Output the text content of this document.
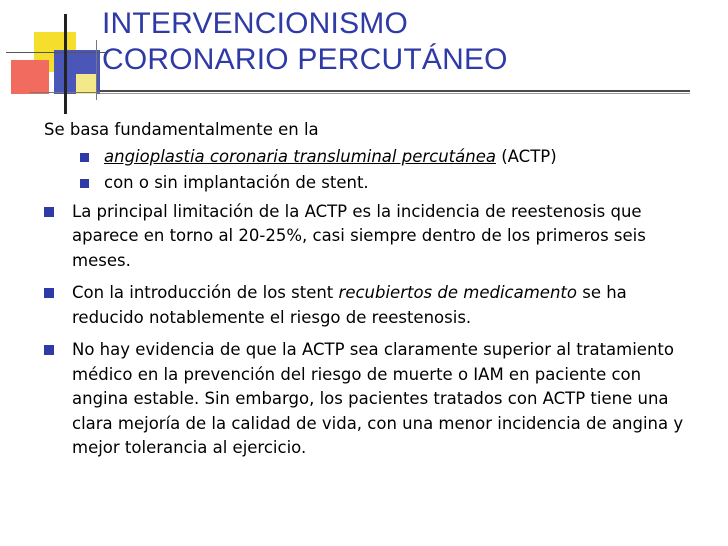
INTERVENCIONISMO
CORONARIO PERCUTÁNEO
Se basa fundamentalmente en la
angioplastia coronaria transluminal percutánea (ACTP)
con o sin implantación de stent.
La principal limitación de la ACTP es la incidencia de reestenosis que aparece en torno al 20-25%, casi siempre dentro de los primeros seis meses.
Con la introducción de los stent recubiertos de medicamento se ha reducido notablemente el riesgo de reestenosis.
No hay evidencia de que la ACTP sea claramente superior al tratamiento médico en la prevención del riesgo de muerte o IAM en paciente con angina estable. Sin embargo, los pacientes tratados con ACTP tiene una clara mejoría de la calidad de vida, con una menor incidencia de angina y mejor tolerancia al ejercicio.
